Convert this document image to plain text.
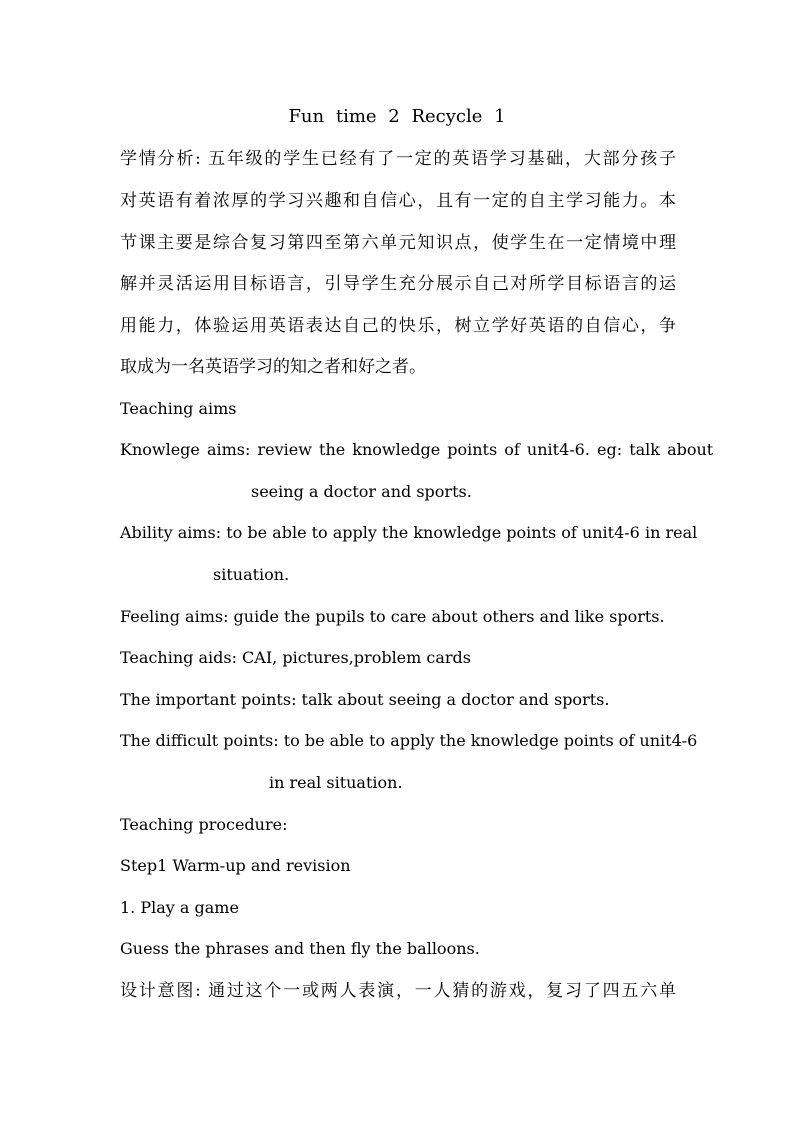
Fun time 2 Recycle 1
学情分析: 五年级的学生已经有了一定的英语学习基础，大部分孩子
对英语有着浓厚的学习兴趣和自信心，且有一定的自主学习能力。本
节课主要是综合复习第四至第六单元知识点，使学生在一定情境中理
解并灵活运用目标语言，引导学生充分展示自己对所学目标语言的运
用能力，体验运用英语表达自己的快乐，树立学好英语的自信心，争
取成为一名英语学习的知之者和好之者。
Teaching aims
Knowlege aims: review the knowledge points of unit4-6. eg: talk about
seeing a doctor and sports.
Ability aims: to be able to apply the knowledge points of unit4-6 in real
situation.
Feeling aims: guide the pupils to care about others and like sports.
Teaching aids: CAI, pictures,problem cards
The important points: talk about seeing a doctor and sports.
The difficult points: to be able to apply the knowledge points of unit4-6
in real situation.
Teaching procedure:
Step1 Warm-up and revision
1. Play a game
Guess the phrases and then fly the balloons.
设计意图: 通过这个一或两人表演，一人猜的游戏，复习了四五六单
